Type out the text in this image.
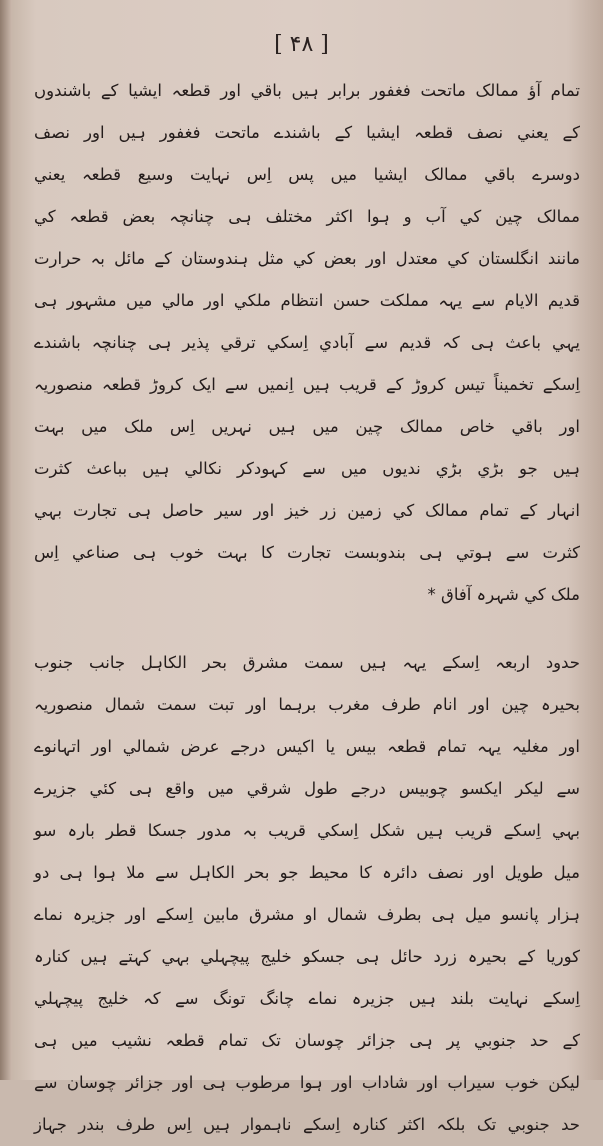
[ ۴۸ ]
تمام آؤ ممالک ماتحت فغفور برابر ہیں باقي اور قطعہ ایشیا کے باشندوں
کے یعني نصف قطعہ ایشیا کے باشندے ماتحت فغفور ہیں اور نصف
دوسرے باقي ممالک ایشیا میں پس اِس نہایت وسیع قطعہ یعني
ممالک چین کي آب و ہوا اکثر مختلف ہی چنانچہ بعض قطعہ کي
مانند انگلستان کي معتدل اور بعض کي مثل ہندوستان کے مائل بہ حرارت
قدیم الایام سے یہہ مملکت حسن انتظام ملکي اور مالي میں مشہور ہی
یہي باعث ہی کہ قدیم سے آبادي اِسکي ترقي پذیر ہی چنانچہ باشندے
اِسکے تخمیناً تیس کروڑ کے قریب ہیں اِنمیں سے ایک کروڑ قطعہ منصوریہ
اور باقي خاص ممالک چین میں ہیں نہریں اِس ملک میں بہت
ہیں جو بڑي بڑي ندیوں میں سے کہودکر نکالي ہیں بباعث کثرت
انہار کے تمام ممالک کي زمین زر خیز اور سیر حاصل ہی تجارت بہي
کثرت سے ہوتي ہی بندوبست تجارت کا بہت خوب ہی صناعي اِس
ملک کي شہرہ آفاق *
حدود اربعہ اِسکے یہہ ہیں سمت مشرق بحر الکاہل جانب جنوب
بحیرہ چین اور انام طرف مغرب برہما اور تبت سمت شمال منصوریہ
اور مغلیہ یہہ تمام قطعہ بیس یا اکیس درجے عرض شمالي اور اتہانوے
سے لیکر ایکسو چوبیس درجے طول شرقي میں واقع ہی کئي جزیرے
بہي اِسکے قریب ہیں شکل اِسکي قریب بہ مدور جسکا قطر بارہ سو
میل طویل اور نصف دائرہ کا محیط جو بحر الکاہل سے ملا ہوا ہی دو
ہزار پانسو میل ہی بطرف شمال او مشرق مابین اِسکے اور جزیرہ نماے
کوریا کے بحیرہ زرد حائل ہی جسکو خلیج پیچہلي بہي کہتے ہیں کنارہ
اِسکے نہایت بلند ہیں جزیرہ نماے چانگ تونگ سے کہ خلیج پیچہلي
کے حد جنوبي پر ہی جزائر چوسان تک تمام قطعہ نشیب میں ہی
لیکن خوب سیراب اور شاداب اور ہوا مرطوب ہی اور جزائر چوسان سے
حد جنوبي تک بلکہ اکثر کنارہ اِسکے ناہموار ہیں اِس طرف بندر جہاز
